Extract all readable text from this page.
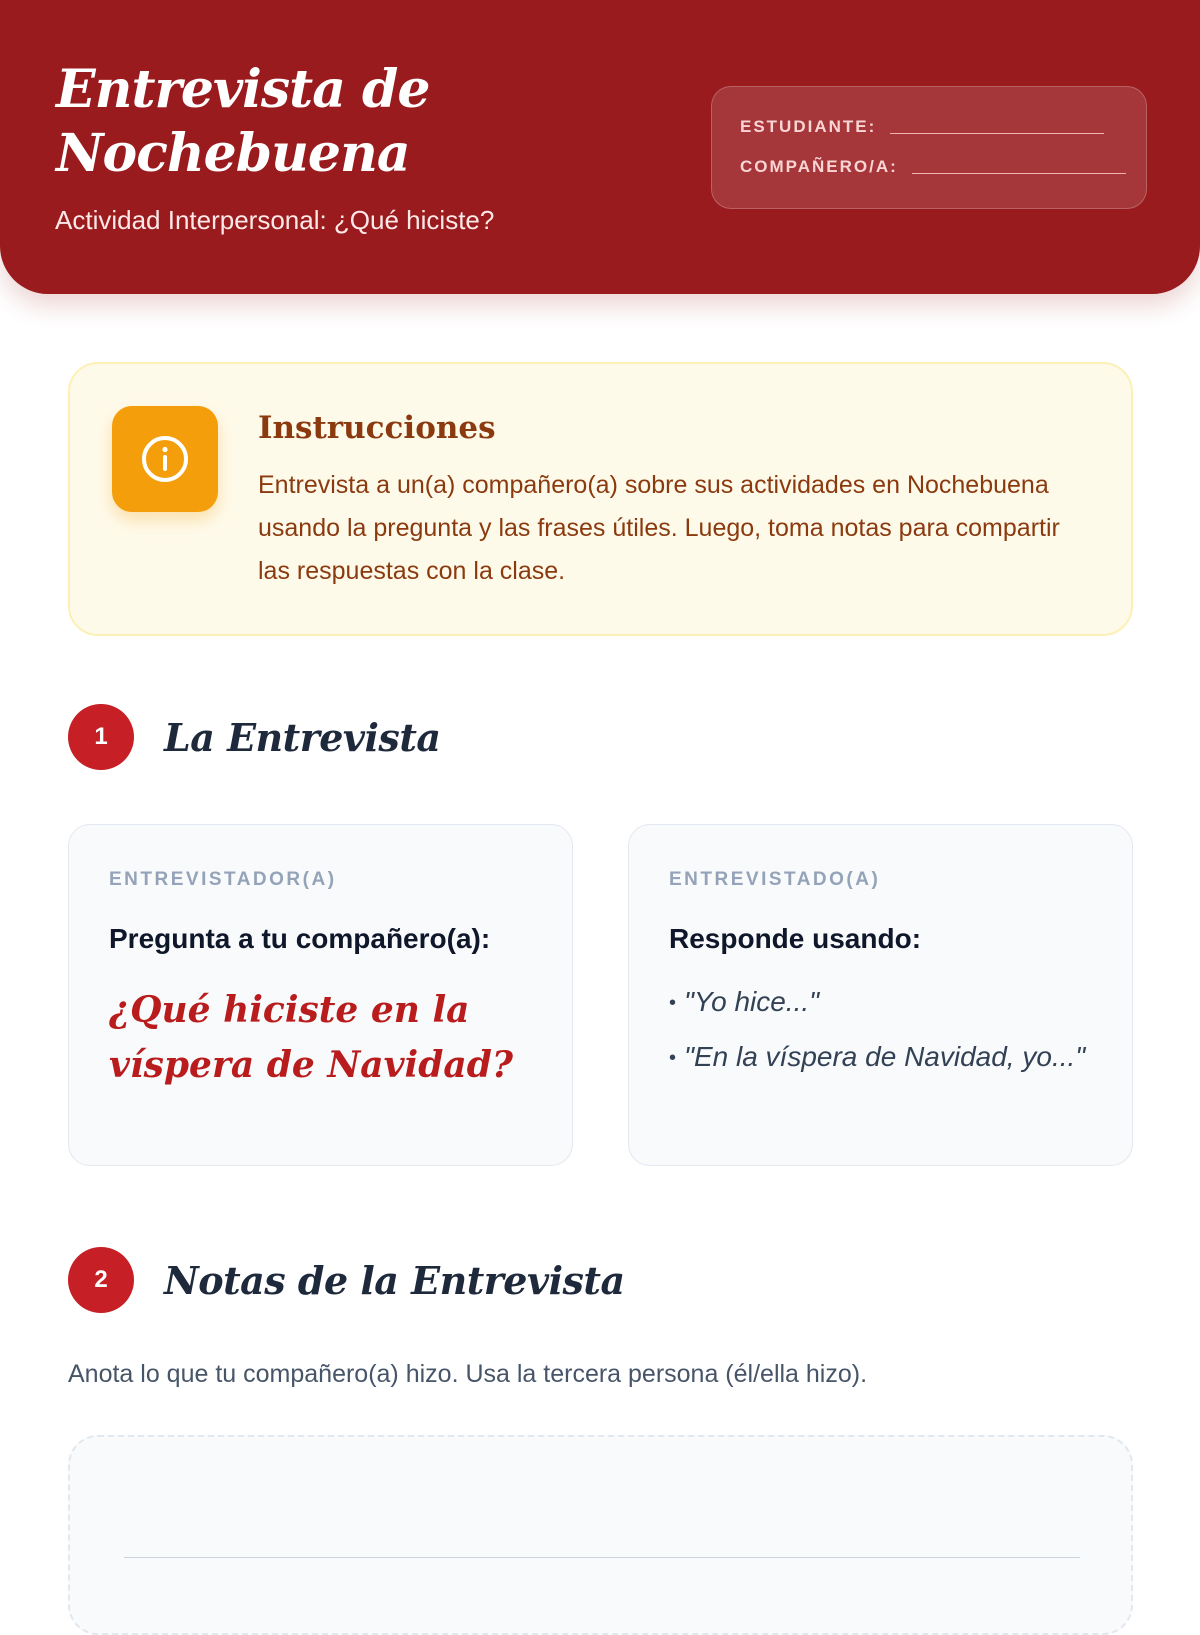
Entrevista de Nochebuena
Actividad Interpersonal: ¿Qué hiciste?
ESTUDIANTE:
COMPAÑERO/A:
Instrucciones

Entrevista a un(a) compañero(a) sobre sus actividades en Nochebuena usando la pregunta y las frases útiles. Luego, toma notas para compartir las respuestas con la clase.

1	La Entrevista
ENTREVISTADOR(A)
Pregunta a tu compañero(a):
¿Qué hiciste en la víspera de Navidad?
ENTREVISTADO(A)
Responde usando:
• "Yo hice..."
• "En la víspera de Navidad, yo..."
2	Notas de la Entrevista

Anota lo que tu compañero(a) hizo. Usa la tercera persona (él/ella hizo).
